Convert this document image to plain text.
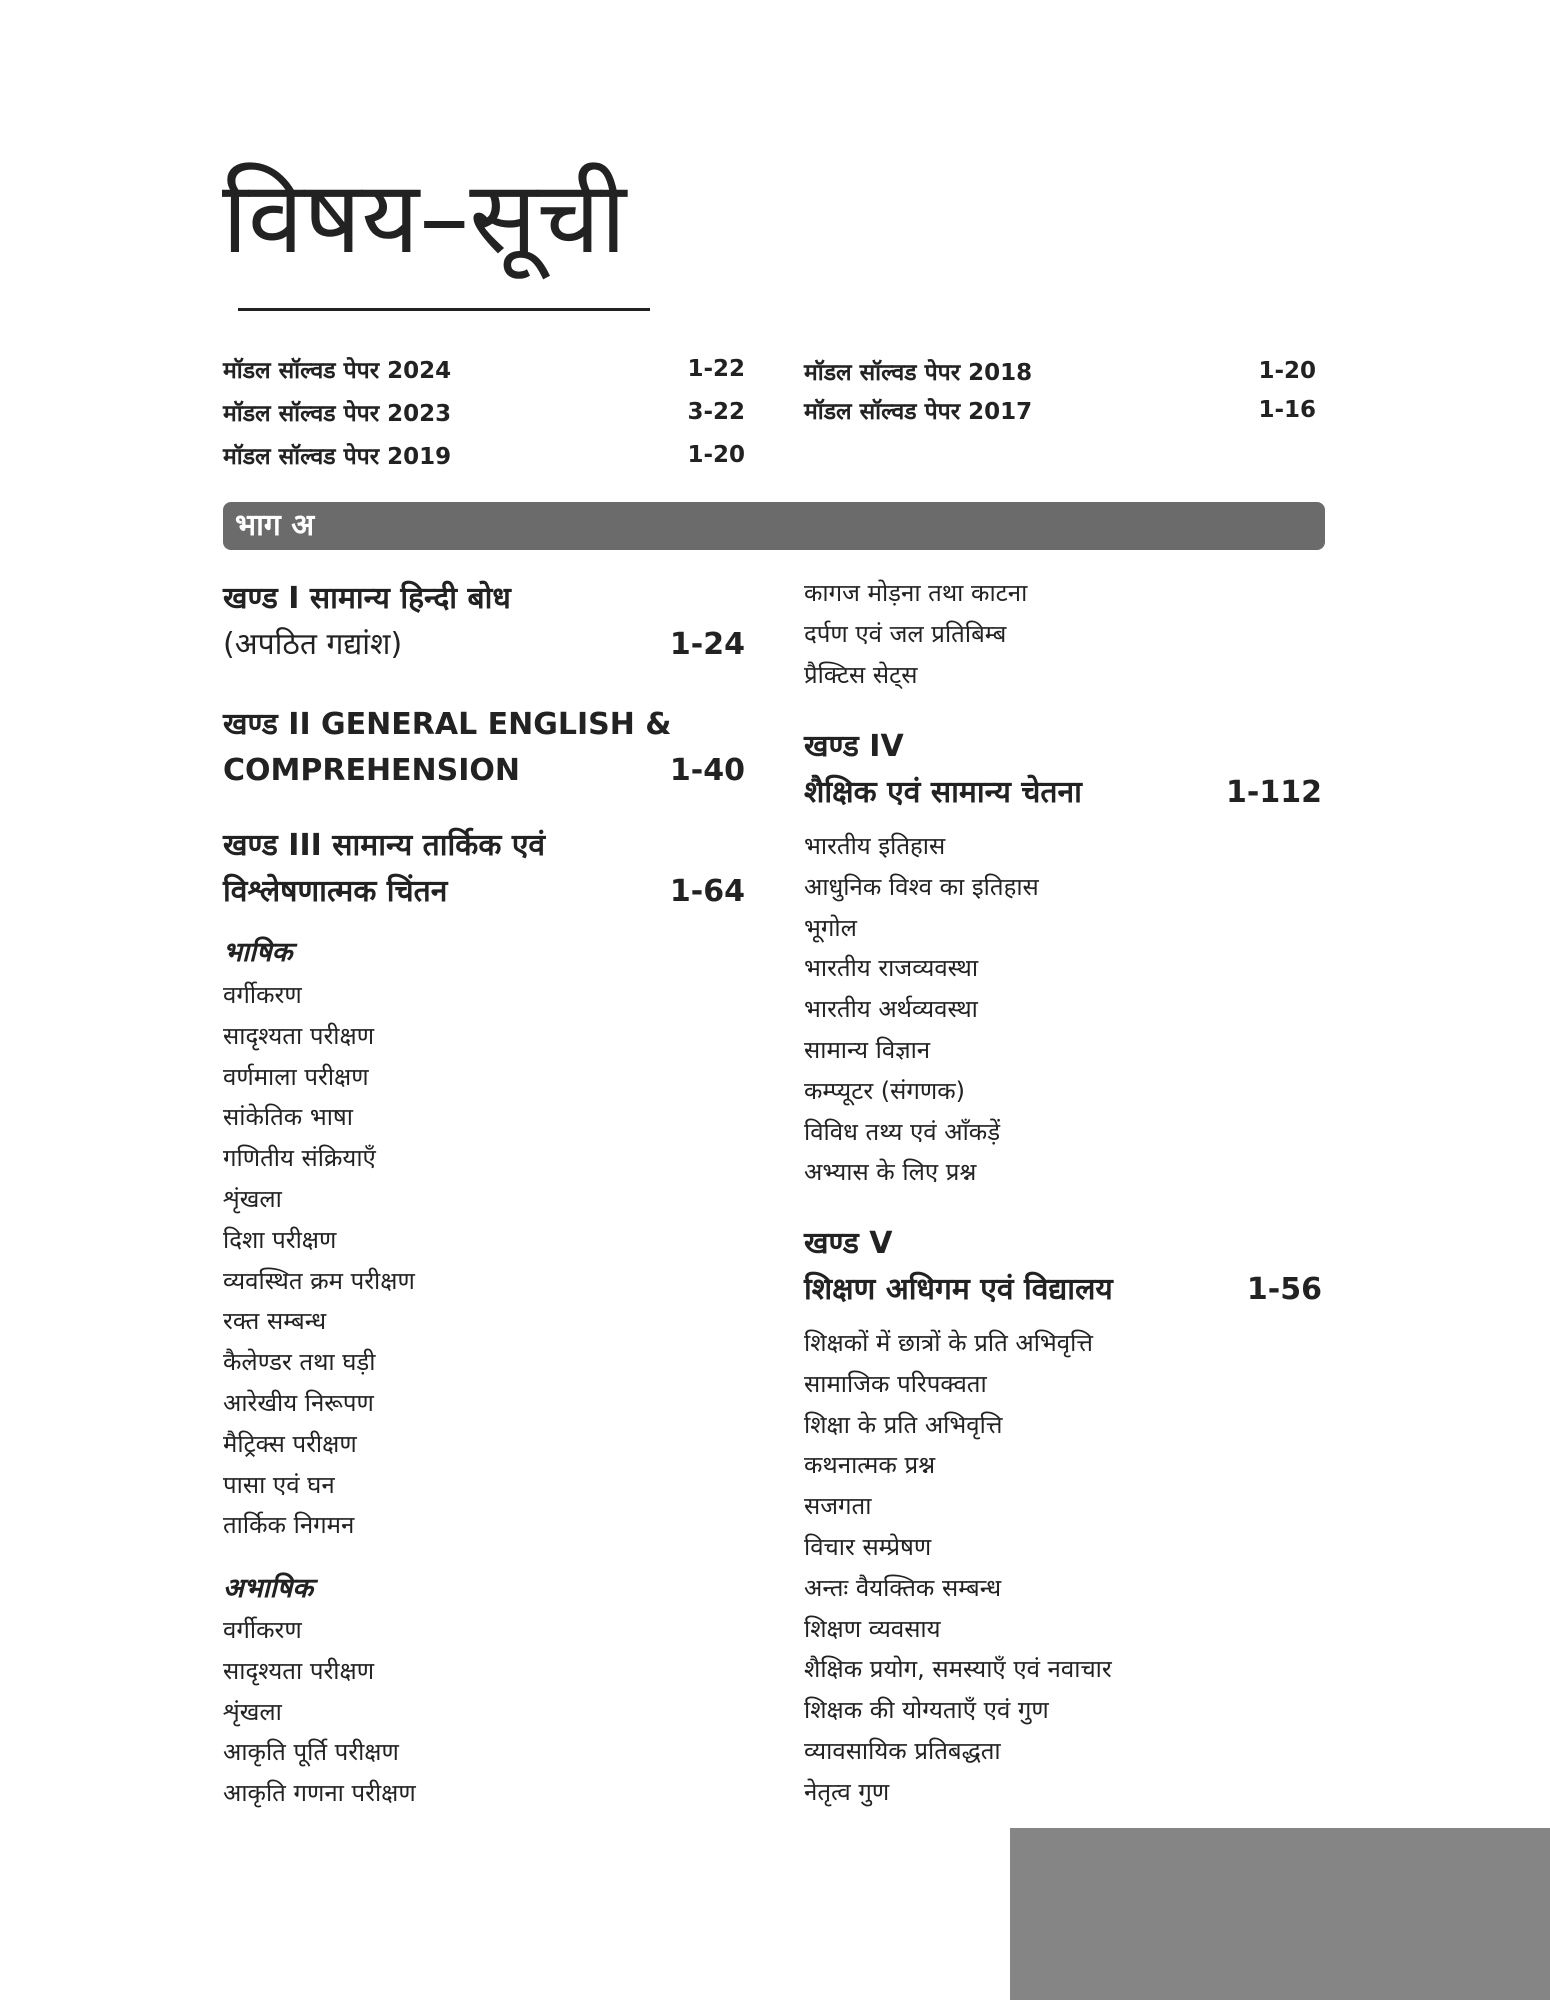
विषय–सूची
मॉडल सॉल्वड पेपर 2024	1-22
मॉडल सॉल्वड पेपर 2023	3-22
मॉडल सॉल्वड पेपर 2019	1-20
मॉडल सॉल्वड पेपर 2018	1-20
मॉडल सॉल्वड पेपर 2017	1-16
भाग अ
खण्ड I सामान्य हिन्दी बोध
(अपठित गद्यांश)	1-24
खण्ड II GENERAL ENGLISH &
COMPREHENSION	1-40
खण्ड III सामान्य तार्किक एवं
विश्लेषणात्मक चिंतन	1-64
भाषिक
वर्गीकरण
सादृश्यता परीक्षण
वर्णमाला परीक्षण
सांकेतिक भाषा
गणितीय संक्रियाएँ
शृंखला
दिशा परीक्षण
व्यवस्थित क्रम परीक्षण
रक्त सम्बन्ध
कैलेण्डर तथा घड़ी
आरेखीय निरूपण
मैट्रिक्स परीक्षण
पासा एवं घन
तार्किक निगमन
अभाषिक
वर्गीकरण
सादृश्यता परीक्षण
शृंखला
आकृति पूर्ति परीक्षण
आकृति गणना परीक्षण
कागज मोड़ना तथा काटना
दर्पण एवं जल प्रतिबिम्ब
प्रैक्टिस सेट्स
खण्ड IV
शैक्षिक एवं सामान्य चेतना	1-112
भारतीय इतिहास
आधुनिक विश्व का इतिहास
भूगोल
भारतीय राजव्यवस्था
भारतीय अर्थव्यवस्था
सामान्य विज्ञान
कम्प्यूटर (संगणक)
विविध तथ्य एवं आँकड़ें
अभ्यास के लिए प्रश्न
खण्ड V
शिक्षण अधिगम एवं विद्यालय	1-56
शिक्षकों में छात्रों के प्रति अभिवृत्ति
सामाजिक परिपक्वता
शिक्षा के प्रति अभिवृत्ति
कथनात्मक प्रश्न
सजगता
विचार सम्प्रेषण
अन्तः वैयक्तिक सम्बन्ध
शिक्षण व्यवसाय
शैक्षिक प्रयोग, समस्याएँ एवं नवाचार
शिक्षक की योग्यताएँ एवं गुण
व्यावसायिक प्रतिबद्धता
नेतृत्व गुण
